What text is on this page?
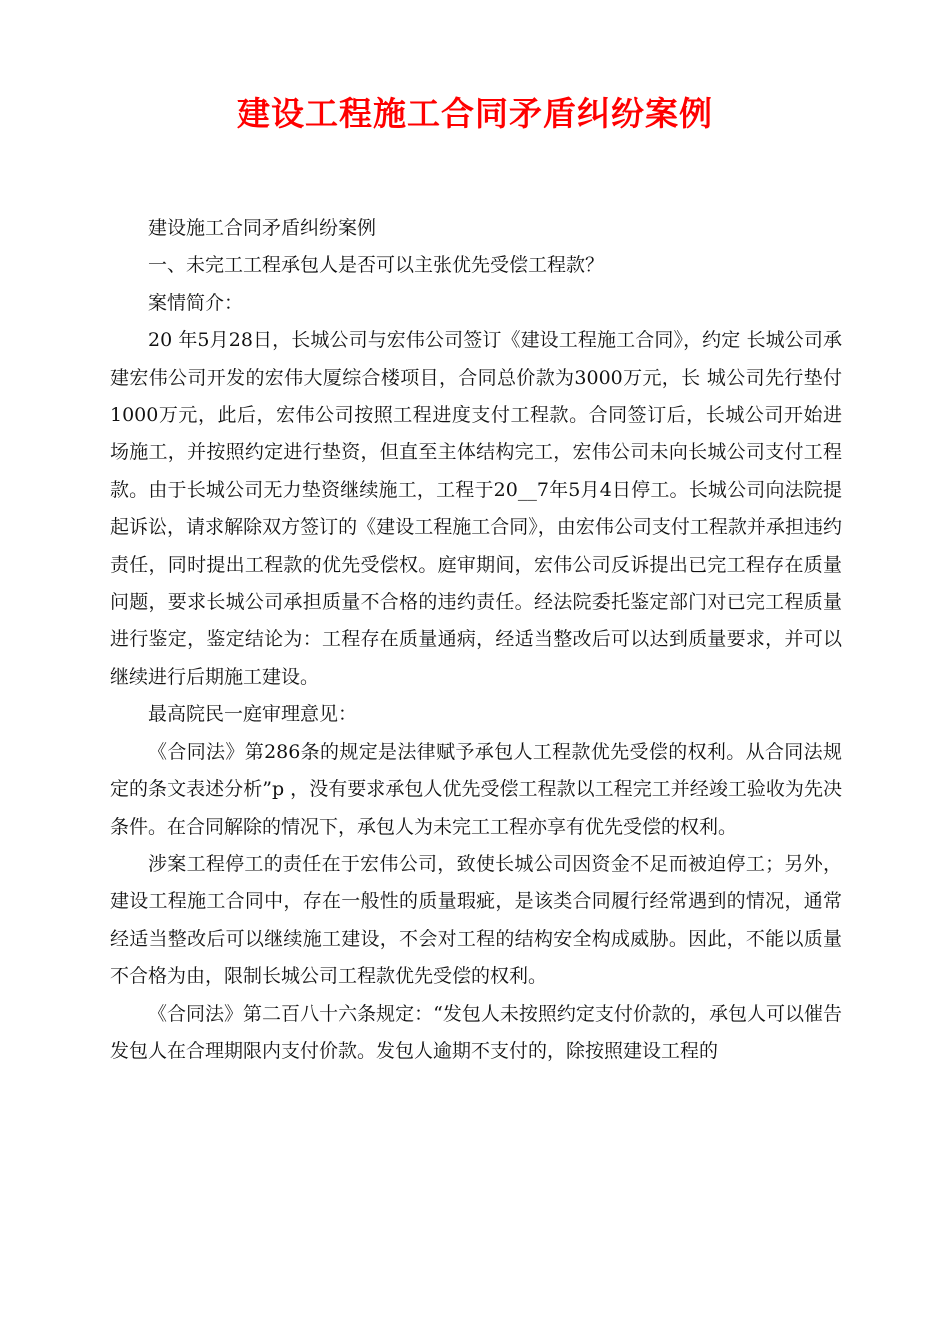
建设工程施工合同矛盾纠纷案例

建设施工合同矛盾纠纷案例

一、未完工工程承包人是否可以主张优先受偿工程款？

案情简介：

20 年5月28日，长城公司与宏伟公司签订《建设工程施工合同》，约定 长城公司承建宏伟公司开发的宏伟大厦综合楼项目，合同总价款为3000万元，长 城公司先行垫付1000万元，此后，宏伟公司按照工程进度支付工程款。合同签订后，长城公司开始进场施工，并按照约定进行垫资，但直至主体结构完工，宏伟公司未向长城公司支付工程款。由于长城公司无力垫资继续施工，工程于20__7年5月4日停工。长城公司向法院提起诉讼，请求解除双方签订的《建设工程施工合同》，由宏伟公司支付工程款并承担违约责任，同时提出工程款的优先受偿权。庭审期间，宏伟公司反诉提出已完工程存在质量问题，要求长城公司承担质量不合格的违约责任。经法院委托鉴定部门对已完工程质量进行鉴定，鉴定结论为：工程存在质量通病，经适当整改后可以达到质量要求，并可以继续进行后期施工建设。

最高院民一庭审理意见：

《合同法》第286条的规定是法律赋予承包人工程款优先受偿的权利。从合同法规定的条文表述分析”p ，没有要求承包人优先受偿工程款以工程完工并经竣工验收为先决条件。在合同解除的情况下，承包人为未完工工程亦享有优先受偿的权利。

涉案工程停工的责任在于宏伟公司，致使长城公司因资金不足而被迫停工；另外，建设工程施工合同中，存在一般性的质量瑕疵，是该类合同履行经常遇到的情况，通常经适当整改后可以继续施工建设，不会对工程的结构安全构成威胁。因此，不能以质量不合格为由，限制长城公司工程款优先受偿的权利。

《合同法》第二百八十六条规定：“发包人未按照约定支付价款的，承包人可以催告发包人在合理期限内支付价款。发包人逾期不支付的，除按照建设工程的
